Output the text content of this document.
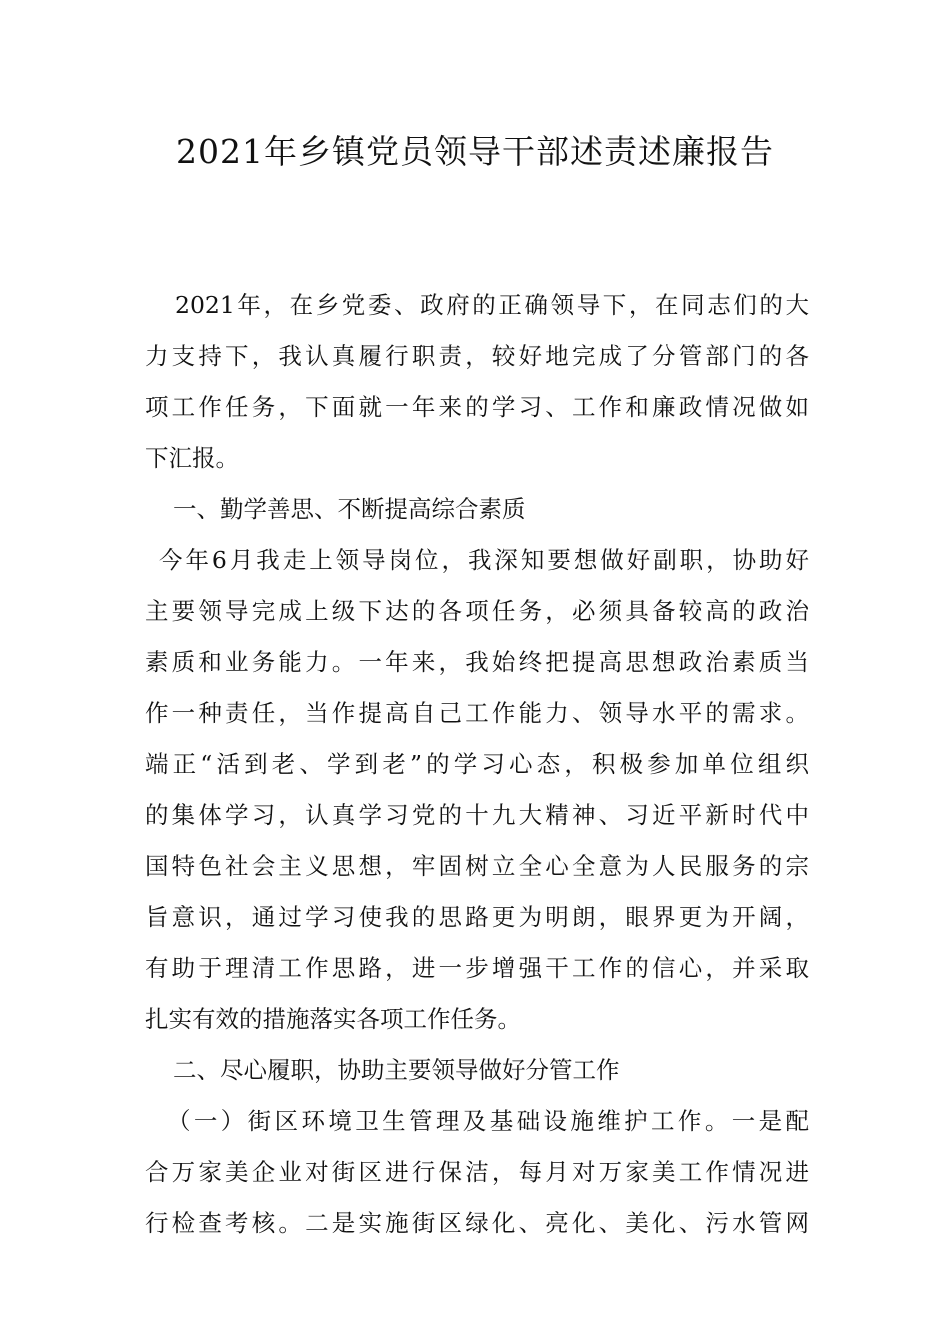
2021年乡镇党员领导干部述责述廉报告
2021年，在乡党委、政府的正确领导下，在同志们的大
力支持下，我认真履行职责，较好地完成了分管部门的各
项工作任务，下面就一年来的学习、工作和廉政情况做如
下汇报。
一、勤学善思、不断提高综合素质
今年6月我走上领导岗位，我深知要想做好副职，协助好
主要领导完成上级下达的各项任务，必须具备较高的政治
素质和业务能力。一年来，我始终把提高思想政治素质当
作一种责任，当作提高自己工作能力、领导水平的需求。
端正“活到老、学到老”的学习心态，积极参加单位组织
的集体学习，认真学习党的十九大精神、习近平新时代中
国特色社会主义思想，牢固树立全心全意为人民服务的宗
旨意识，通过学习使我的思路更为明朗，眼界更为开阔，
有助于理清工作思路，进一步增强干工作的信心，并采取
扎实有效的措施落实各项工作任务。
二、尽心履职，协助主要领导做好分管工作
（一）街区环境卫生管理及基础设施维护工作。一是配
合万家美企业对街区进行保洁，每月对万家美工作情况进
行检查考核。二是实施街区绿化、亮化、美化、污水管网
